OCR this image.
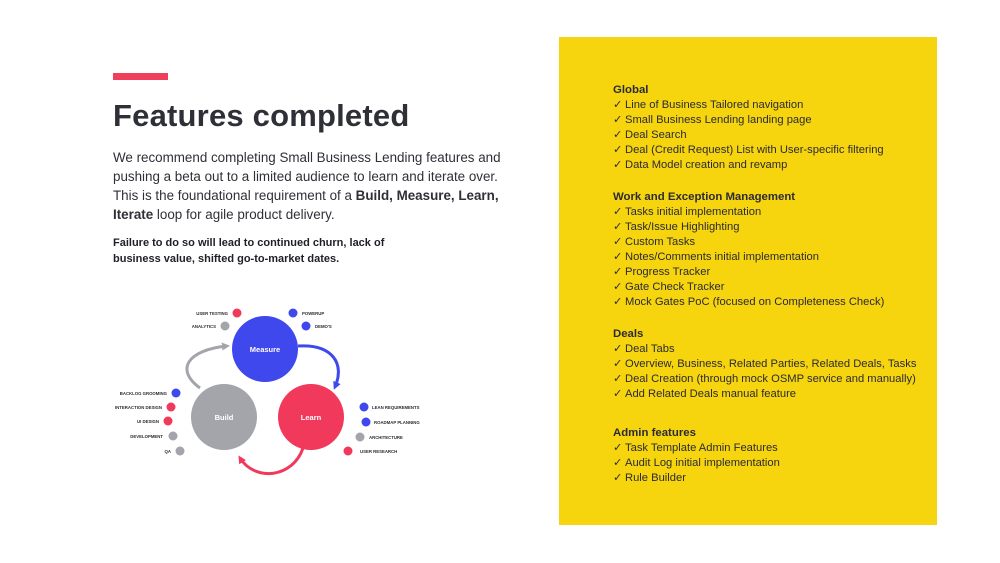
Features completed

We recommend completing Small Business Lending features and pushing a beta out to a limited audience to learn and iterate over. This is the foundational requirement of a Build, Measure, Learn, Iterate loop for agile product delivery.

Failure to do so will lead to continued churn, lack of business value, shifted go-to-market dates.

Measure
Build	Learn
USER TESTING
ANALYTICS
POWERUP
DEMO'S
BACKLOG GROOMING
INTERACTION DESIGN
UI DESIGN
DEVELOPMENT
QA
LEAN REQUIREMENTS
ROADMAP PLANNING
ARCHITECTURE
USER RESEARCH

Global

✓ Line of Business Tailored navigation

✓ Small Business Lending landing page

✓ Deal Search

✓ Deal (Credit Request) List with User-specific filtering

✓ Data Model creation and revamp

Work and Exception Management

✓ Tasks initial implementation

✓ Task/Issue Highlighting

✓ Custom Tasks

✓ Notes/Comments initial implementation

✓ Progress Tracker

✓ Gate Check Tracker

✓ Mock Gates PoC (focused on Completeness Check)

Deals

✓ Deal Tabs

✓ Overview, Business, Related Parties, Related Deals, Tasks

✓ Deal Creation (through mock OSMP service and manually)

✓ Add Related Deals manual feature

Admin features

✓ Task Template Admin Features

✓ Audit Log initial implementation

✓ Rule Builder
